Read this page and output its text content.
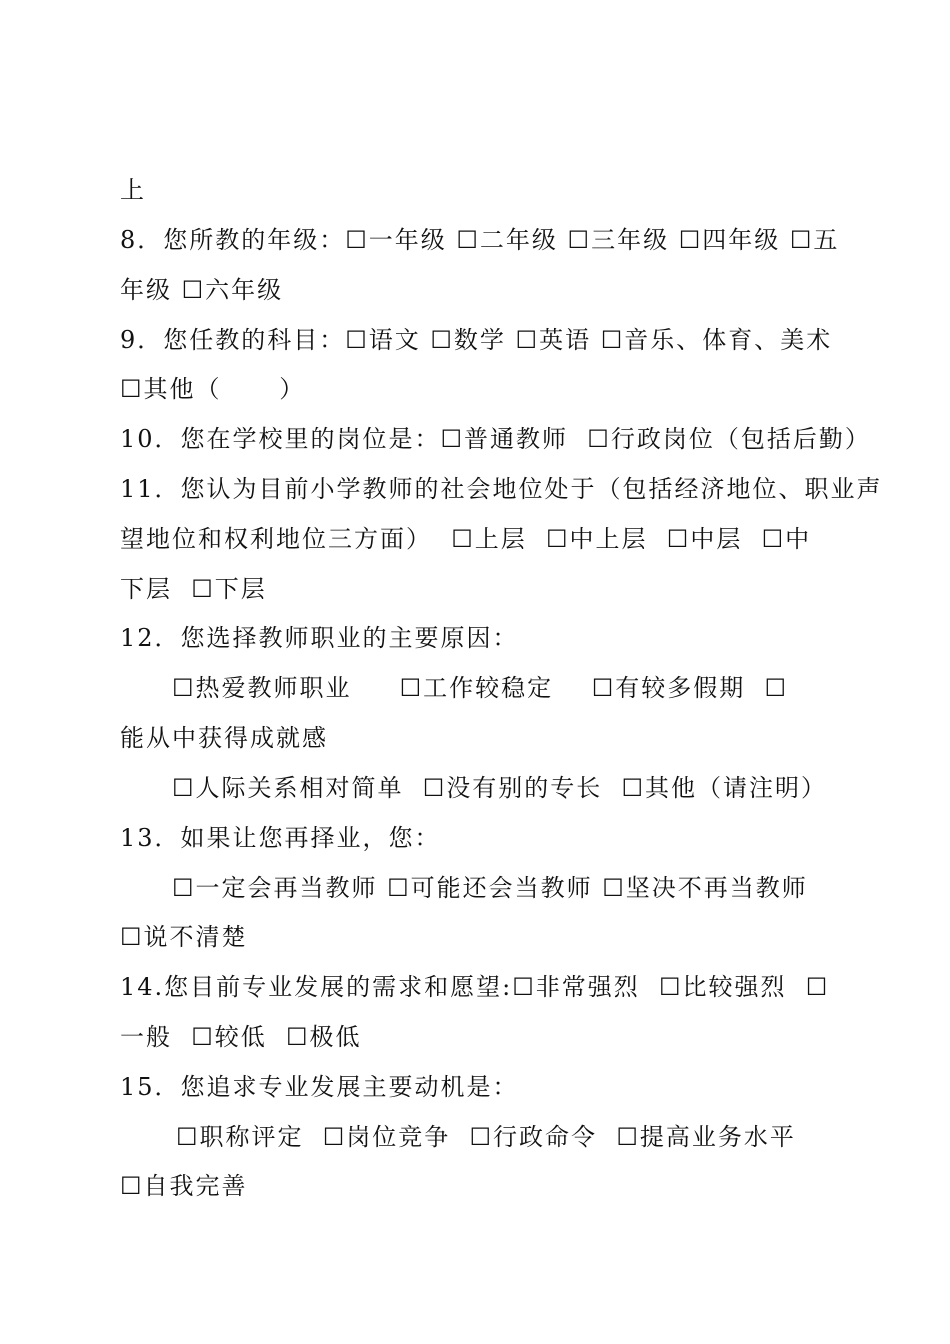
上
8．您所教的年级：☐一年级 ☐二年级 ☐三年级 ☐四年级 ☐五
年级 ☐六年级
9．您任教的科目：☐语文 ☐数学 ☐英语 ☐音乐、体育、美术
☐其他（      ）
10．您在学校里的岗位是：☐普通教师  ☐行政岗位（包括后勤）
11．您认为目前小学教师的社会地位处于（包括经济地位、职业声
望地位和权利地位三方面）  ☐上层  ☐中上层  ☐中层  ☐中
下层  ☐下层
12．您选择教师职业的主要原因：
☐热爱教师职业     ☐工作较稳定    ☐有较多假期  ☐
能从中获得成就感
☐人际关系相对简单  ☐没有别的专长  ☐其他（请注明）
13．如果让您再择业，您：
☐一定会再当教师 ☐可能还会当教师 ☐坚决不再当教师
☐说不清楚
14.您目前专业发展的需求和愿望:☐非常强烈  ☐比较强烈  ☐
一般  ☐较低  ☐极低
15．您追求专业发展主要动机是：
☐职称评定  ☐岗位竞争  ☐行政命令  ☐提高业务水平
☐自我完善
